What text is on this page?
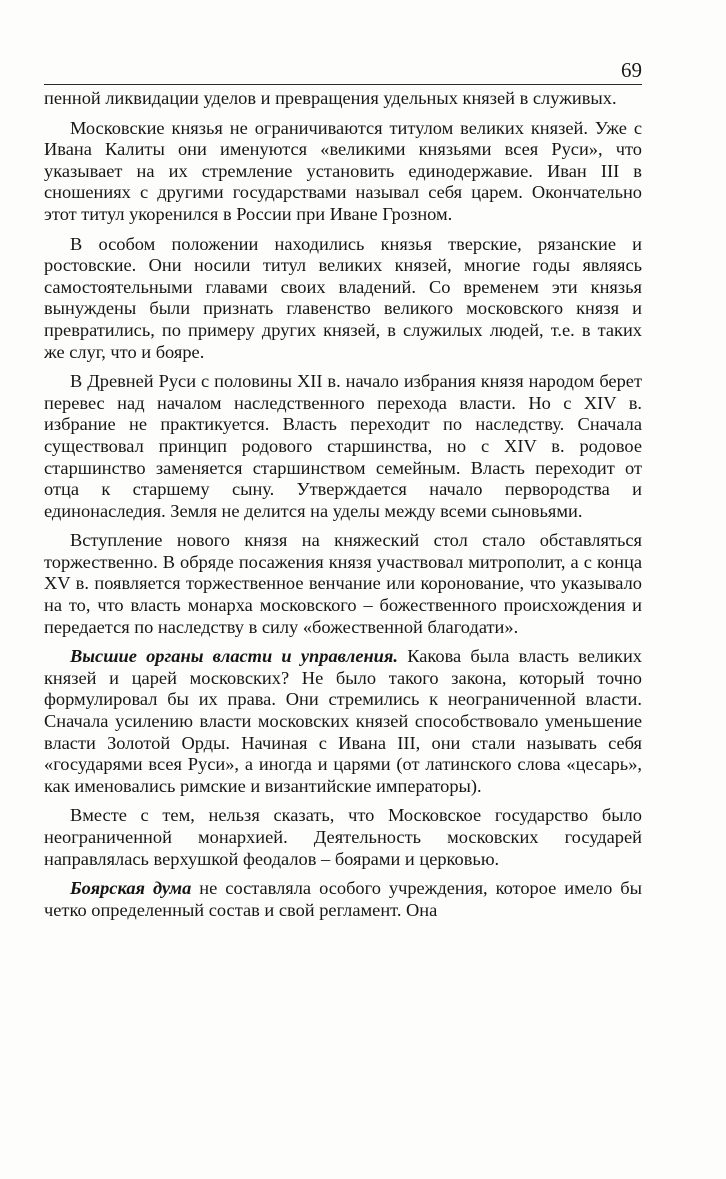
69

пенной ликвидации уделов и превращения удельных князей в служивых.

Московские князья не ограничиваются титулом великих князей. Уже с Ивана Калиты они именуются «великими князьями всея Руси», что указывает на их стремление установить единодержавие. Иван III в сношениях с другими государствами называл себя царем. Окончательно этот титул укоренился в России при Иване Грозном.

В особом положении находились князья тверские, рязанские и ростовские. Они носили титул великих князей, многие годы являясь самостоятельными главами своих владений. Со временем эти князья вынуждены были признать главенство великого московского князя и превратились, по примеру других князей, в служилых людей, т.е. в таких же слуг, что и бояре.

В Древней Руси с половины XII в. начало избрания князя народом берет перевес над началом наследственного перехода власти. Но с XIV в. избрание не практикуется. Власть переходит по наследству. Сначала существовал принцип родового старшинства, но с XIV в. родовое старшинство заменяется старшинством семейным. Власть переходит от отца к старшему сыну. Утверждается начало первородства и единонаследия. Земля не делится на уделы между всеми сыновьями.

Вступление нового князя на княжеский стол стало обставляться торжественно. В обряде посажения князя участвовал митрополит, а с конца XV в. появляется торжественное венчание или коронование, что указывало на то, что власть монарха московского – божественного происхождения и передается по наследству в силу «божественной благодати».

Высшие органы власти и управления. Какова была власть великих князей и царей московских? Не было такого закона, который точно формулировал бы их права. Они стремились к неограниченной власти. Сначала усилению власти московских князей способствовало уменьшение власти Золотой Орды. Начиная с Ивана III, они стали называть себя «государями всея Руси», а иногда и царями (от латинского слова «цесарь», как именовались римские и византийские императоры).

Вместе с тем, нельзя сказать, что Московское государство было неограниченной монархией. Деятельность московских государей направлялась верхушкой феодалов – боярами и церковью.

Боярская дума не составляла особого учреждения, которое имело бы четко определенный состав и свой регламент. Она
